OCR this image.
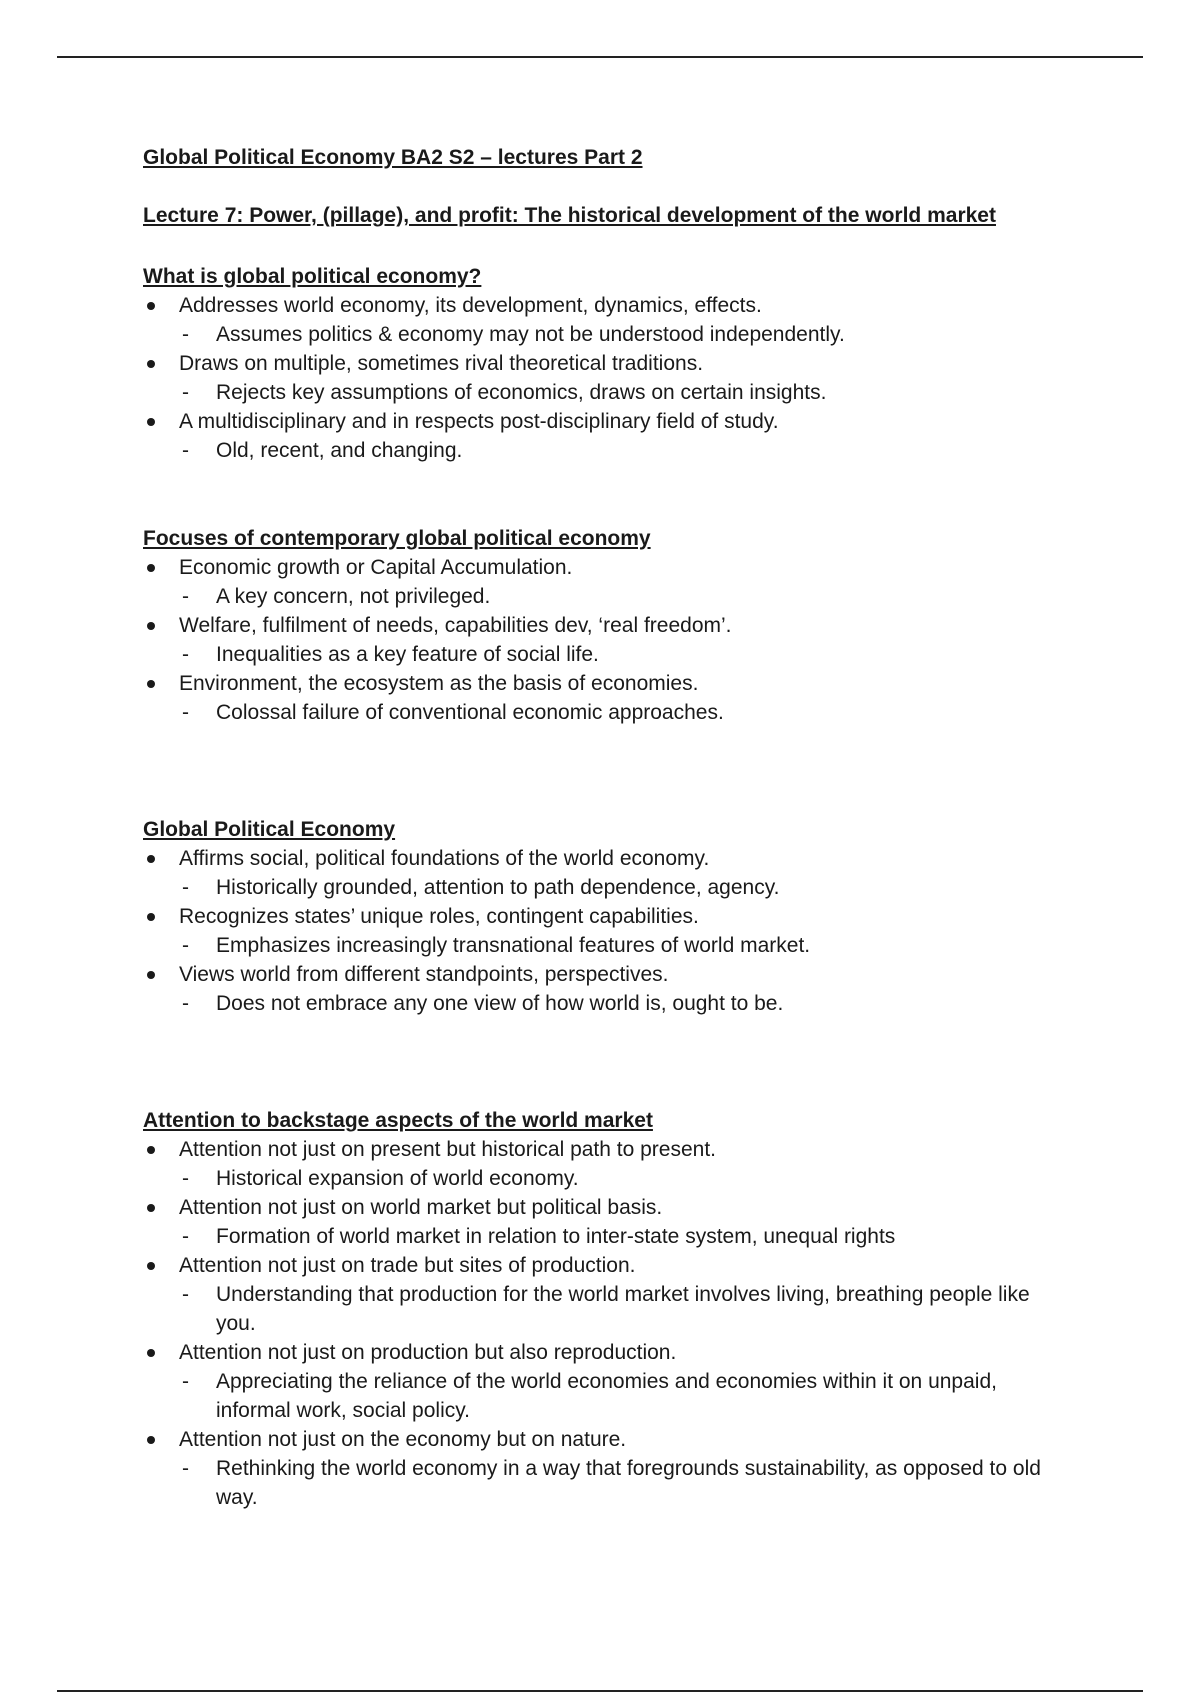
Global Political Economy BA2 S2 – lectures Part 2
Lecture 7: Power, (pillage), and profit: The historical development of the world market
What is global political economy?
Addresses world economy, its development, dynamics, effects.
- Assumes politics & economy may not be understood independently.
Draws on multiple, sometimes rival theoretical traditions.
- Rejects key assumptions of economics, draws on certain insights.
A multidisciplinary and in respects post-disciplinary field of study.
- Old, recent, and changing.
Focuses of contemporary global political economy
Economic growth or Capital Accumulation.
- A key concern, not privileged.
Welfare, fulfilment of needs, capabilities dev, ‘real freedom’.
- Inequalities as a key feature of social life.
Environment, the ecosystem as the basis of economies.
- Colossal failure of conventional economic approaches.
Global Political Economy
Affirms social, political foundations of the world economy.
- Historically grounded, attention to path dependence, agency.
Recognizes states’ unique roles, contingent capabilities.
- Emphasizes increasingly transnational features of world market.
Views world from different standpoints, perspectives.
- Does not embrace any one view of how world is, ought to be.
Attention to backstage aspects of the world market
Attention not just on present but historical path to present.
- Historical expansion of world economy.
Attention not just on world market but political basis.
- Formation of world market in relation to inter-state system, unequal rights
Attention not just on trade but sites of production.
- Understanding that production for the world market involves living, breathing people like you.
Attention not just on production but also reproduction.
- Appreciating the reliance of the world economies and economies within it on unpaid, informal work, social policy.
Attention not just on the economy but on nature.
- Rethinking the world economy in a way that foregrounds sustainability, as opposed to old way.
